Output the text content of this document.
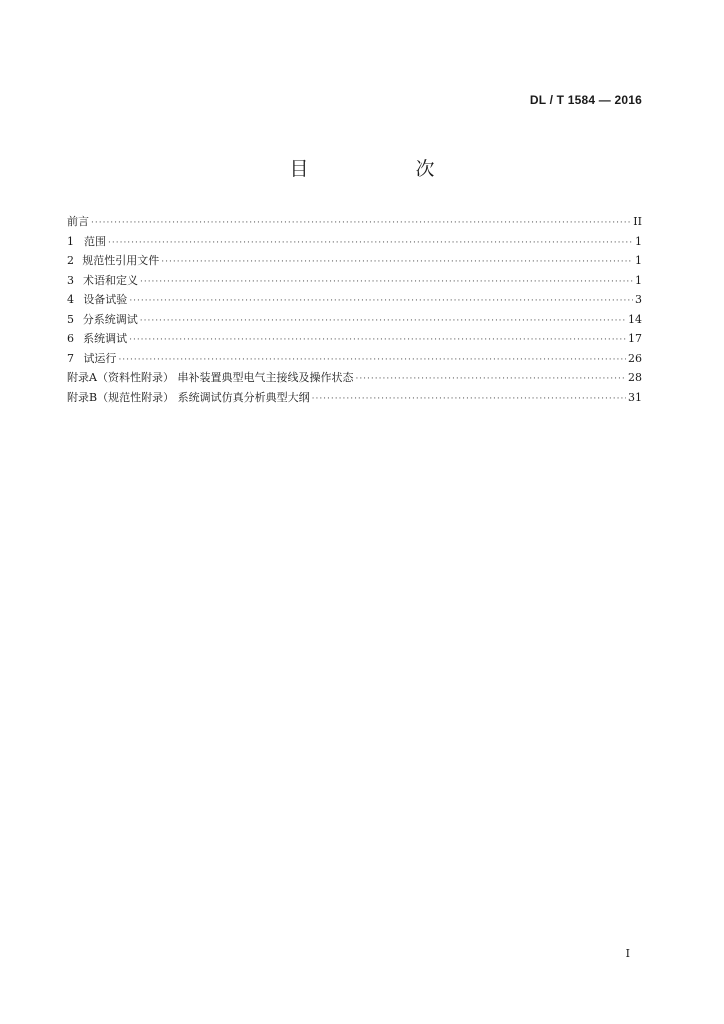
DL / T 1584 — 2016
目　次
前言 ·····	II
1 范围 ·····	1
2 规范性引用文件 ·····	1
3 术语和定义 ·····	1
4 设备试验 ·····	3
5 分系统调试 ·····	14
6 系统调试 ·····	17
7 试运行 ·····	26
附录A（资料性附录） 串补装置典型电气主接线及操作状态 ·····	28
附录B（规范性附录） 系统调试仿真分析典型大纲 ·····	31
I
